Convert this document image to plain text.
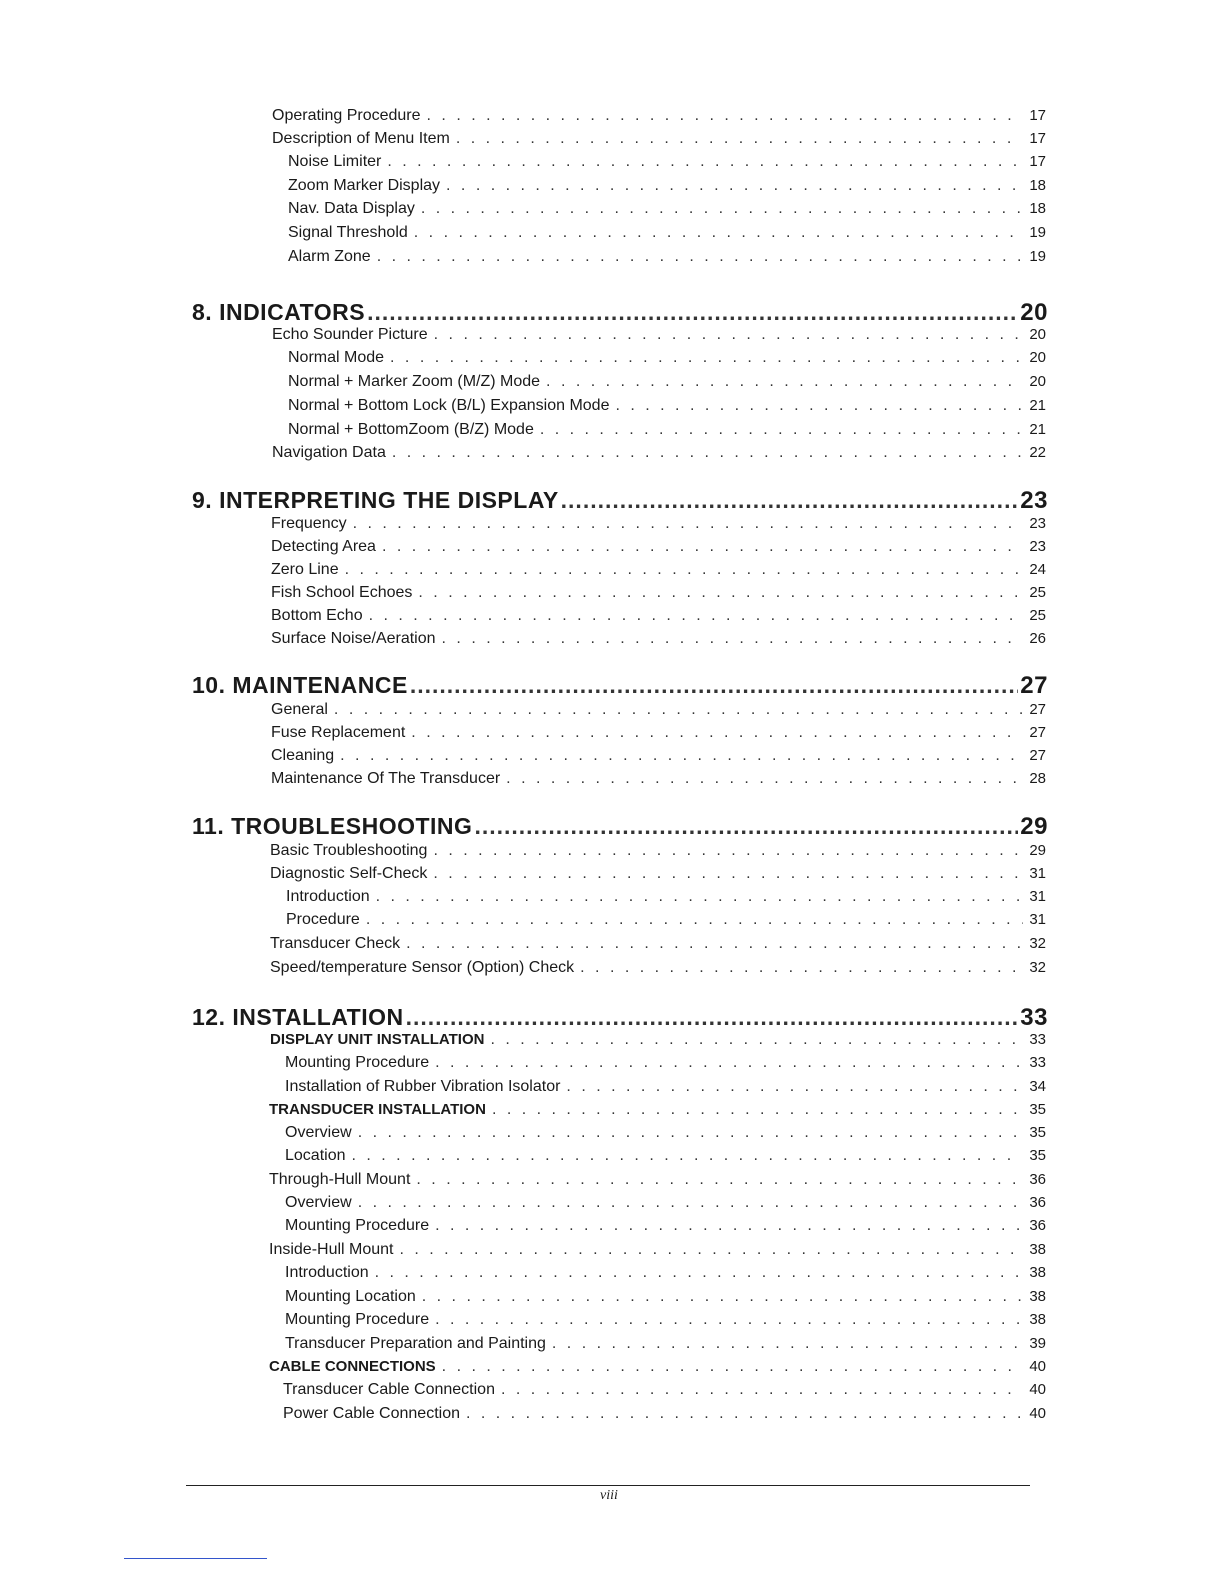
Operating Procedure . . .	17
Description of Menu Item . . .	17
Noise Limiter . . .	17
Zoom Marker Display . . .	18
Nav. Data Display . . .	18
Signal Threshold . . .	19
Alarm Zone . . .	19
8. INDICATORS .....	20
Echo Sounder Picture . . .	20
Normal Mode . . .	20
Normal + Marker Zoom (M/Z) Mode . . .	20
Normal + Bottom Lock (B/L) Expansion Mode . . .	21
Normal + BottomZoom (B/Z) Mode . . .	21
Navigation Data . . .	22
9. INTERPRETING THE DISPLAY .....	23
Frequency . . .	23
Detecting Area . . .	23
Zero Line . . .	24
Fish School Echoes . . .	25
Bottom Echo . . .	25
Surface Noise/Aeration . . .	26
10. MAINTENANCE .....	27
General . . .	27
Fuse Replacement . . .	27
Cleaning . . .	27
Maintenance Of The Transducer . . .	28
11. TROUBLESHOOTING .....	29
Basic Troubleshooting . . .	29
Diagnostic Self-Check . . .	31
Introduction . . .	31
Procedure . . .	31
Transducer Check . . .	32
Speed/temperature Sensor (Option) Check . . .	32
12. INSTALLATION .....	33
DISPLAY UNIT INSTALLATION . . .	33
Mounting Procedure . . .	33
Installation of Rubber Vibration Isolator . . .	34
TRANSDUCER INSTALLATION . . .	35
Overview . . .	35
Location . . .	35
Through-Hull Mount . . .	36
Overview . . .	36
Mounting Procedure . . .	36
Inside-Hull Mount . . .	38
Introduction . . .	38
Mounting Location . . .	38
Mounting Procedure . . .	38
Transducer Preparation and Painting . . .	39
CABLE CONNECTIONS . . .	40
Transducer Cable Connection . . .	40
Power Cable Connection . . .	40
viii
